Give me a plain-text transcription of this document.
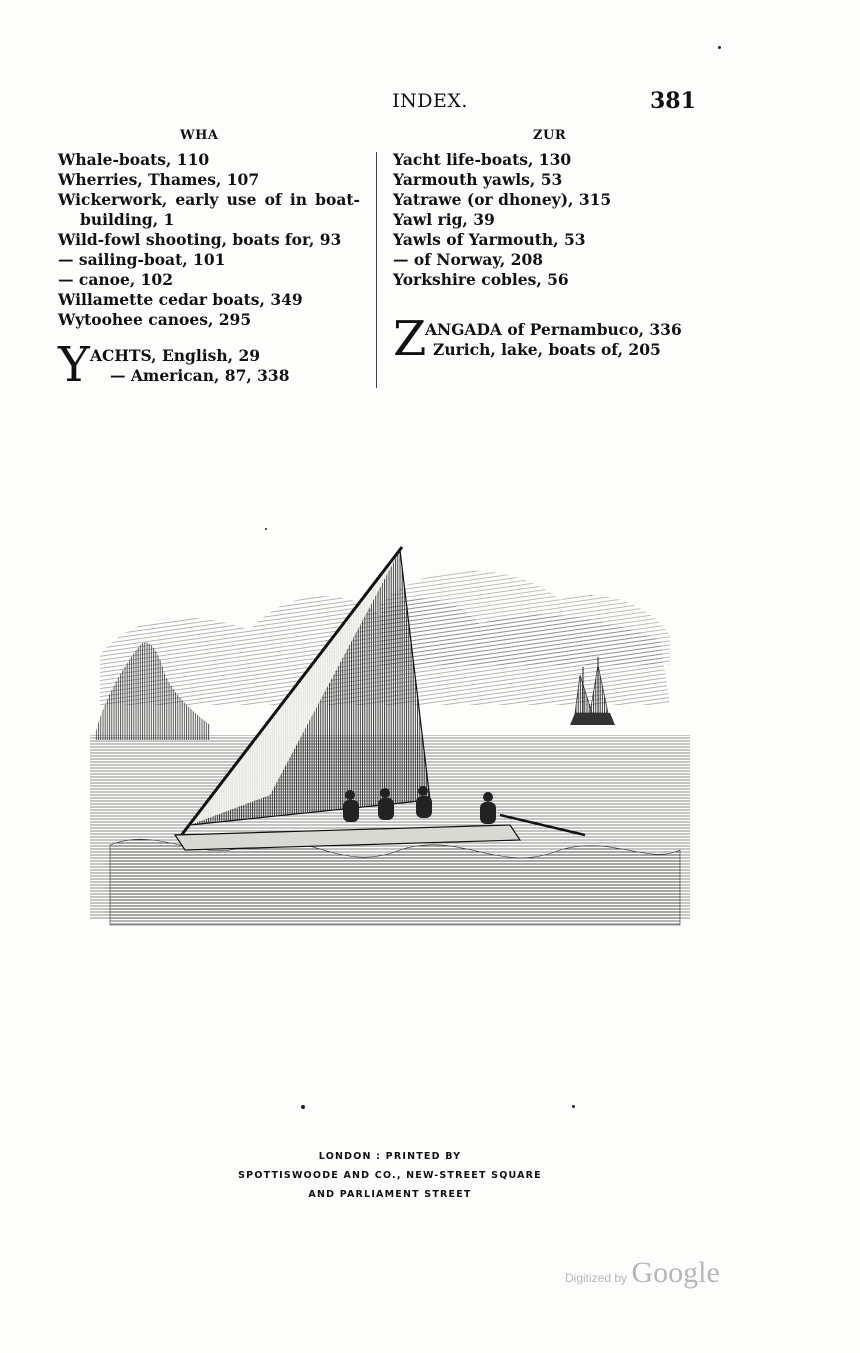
INDEX.	381
WHA	ZUR
Whale-boats, 110
Wherries, Thames, 107
Wickerwork, early use of in boat-building, 1
Wild-fowl shooting, boats for, 93
— sailing-boat, 101
— canoe, 102
Willamette cedar boats, 349
Wytoohee canoes, 295
Y ACHTS, English, 29
— American, 87, 338
Yacht life-boats, 130
Yarmouth yawls, 53
Yatrawe (or dhoney), 315
Yawl rig, 39
Yawls of Yarmouth, 53
— of Norway, 208
Yorkshire cobles, 56
Z
ANGADA of Pernambuco, 336
Zurich, lake, boats of, 205
LONDON : PRINTED BY
SPOTTISWOODE AND CO., NEW-STREET SQUARE
AND PARLIAMENT STREET
Digitized by Google
